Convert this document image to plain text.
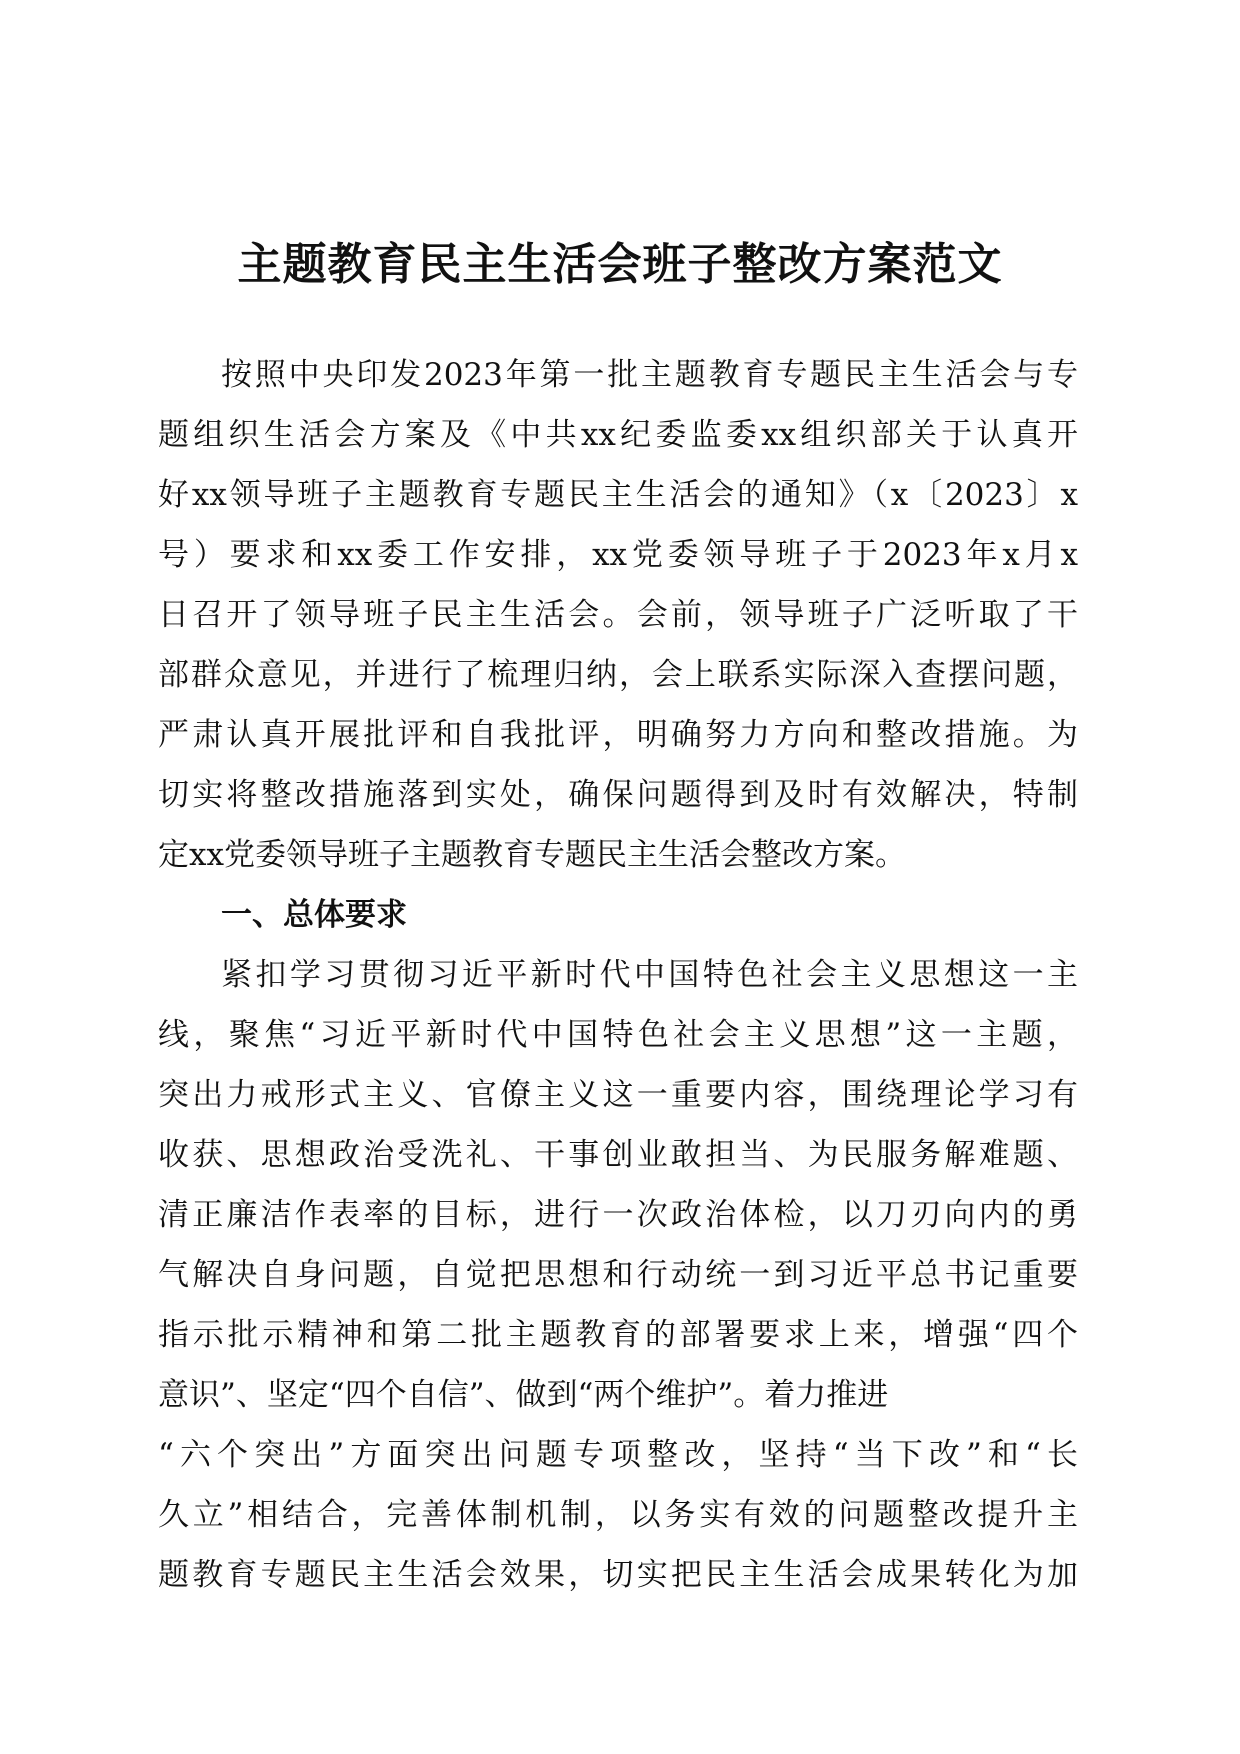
主题教育民主生活会班子整改方案范文
按照中央印发2023年第一批主题教育专题民主生活会与专
题组织生活会方案及《中共xx纪委监委xx组织部关于认真开
好xx领导班子主题教育专题民主生活会的通知》（x〔2023〕x
号）要求和xx委工作安排，xx党委领导班子于2023年x月x
日召开了领导班子民主生活会。会前，领导班子广泛听取了干
部群众意见，并进行了梳理归纳，会上联系实际深入查摆问题，
严肃认真开展批评和自我批评，明确努力方向和整改措施。为
切实将整改措施落到实处，确保问题得到及时有效解决，特制
定xx党委领导班子主题教育专题民主生活会整改方案。
一、总体要求
紧扣学习贯彻习近平新时代中国特色社会主义思想这一主
线，聚焦“习近平新时代中国特色社会主义思想”这一主题，
突出力戒形式主义、官僚主义这一重要内容，围绕理论学习有
收获、思想政治受洗礼、干事创业敢担当、为民服务解难题、
清正廉洁作表率的目标，进行一次政治体检，以刀刃向内的勇
气解决自身问题，自觉把思想和行动统一到习近平总书记重要
指示批示精神和第二批主题教育的部署要求上来，增强“四个
意识”、坚定“四个自信”、做到“两个维护”。着力推进
“六个突出”方面突出问题专项整改，坚持“当下改”和“长
久立”相结合，完善体制机制，以务实有效的问题整改提升主
题教育专题民主生活会效果，切实把民主生活会成果转化为加
